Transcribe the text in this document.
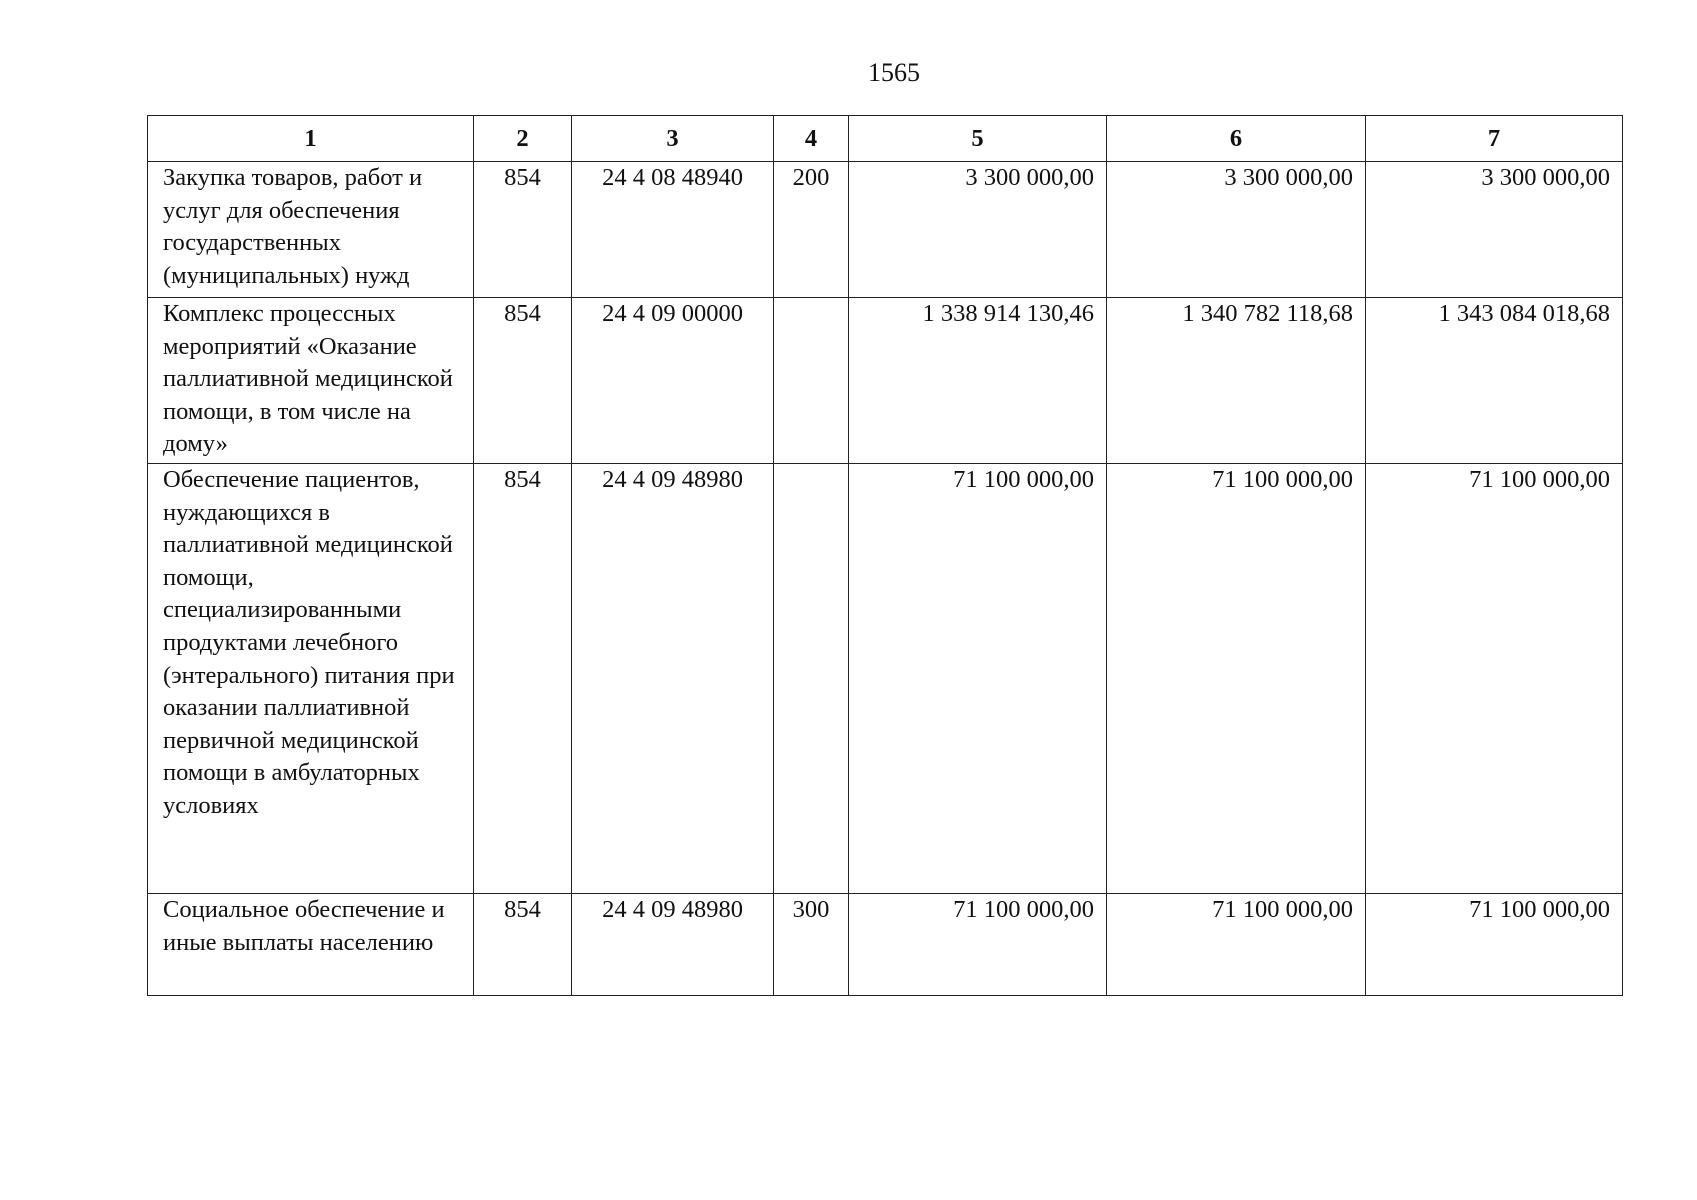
1565
1	2	3	4	5	6	7
Закупка товаров, работ и услуг для обеспечения государственных (муниципальных) нужд	854	24 4 08 48940	200	3 300 000,00	3 300 000,00	3 300 000,00
Комплекс процессных мероприятий «Оказание паллиативной медицинской помощи, в том числе на дому»	854	24 4 09 00000		1 338 914 130,46	1 340 782 118,68	1 343 084 018,68
Обеспечение пациентов, нуждающихся в паллиативной медицинской помощи, специализированными продуктами лечебного (энтерального) питания при оказании паллиативной первичной медицинской помощи в амбулаторных условиях	854	24 4 09 48980		71 100 000,00	71 100 000,00	71 100 000,00
Социальное обеспечение и иные выплаты населению	854	24 4 09 48980	300	71 100 000,00	71 100 000,00	71 100 000,00
